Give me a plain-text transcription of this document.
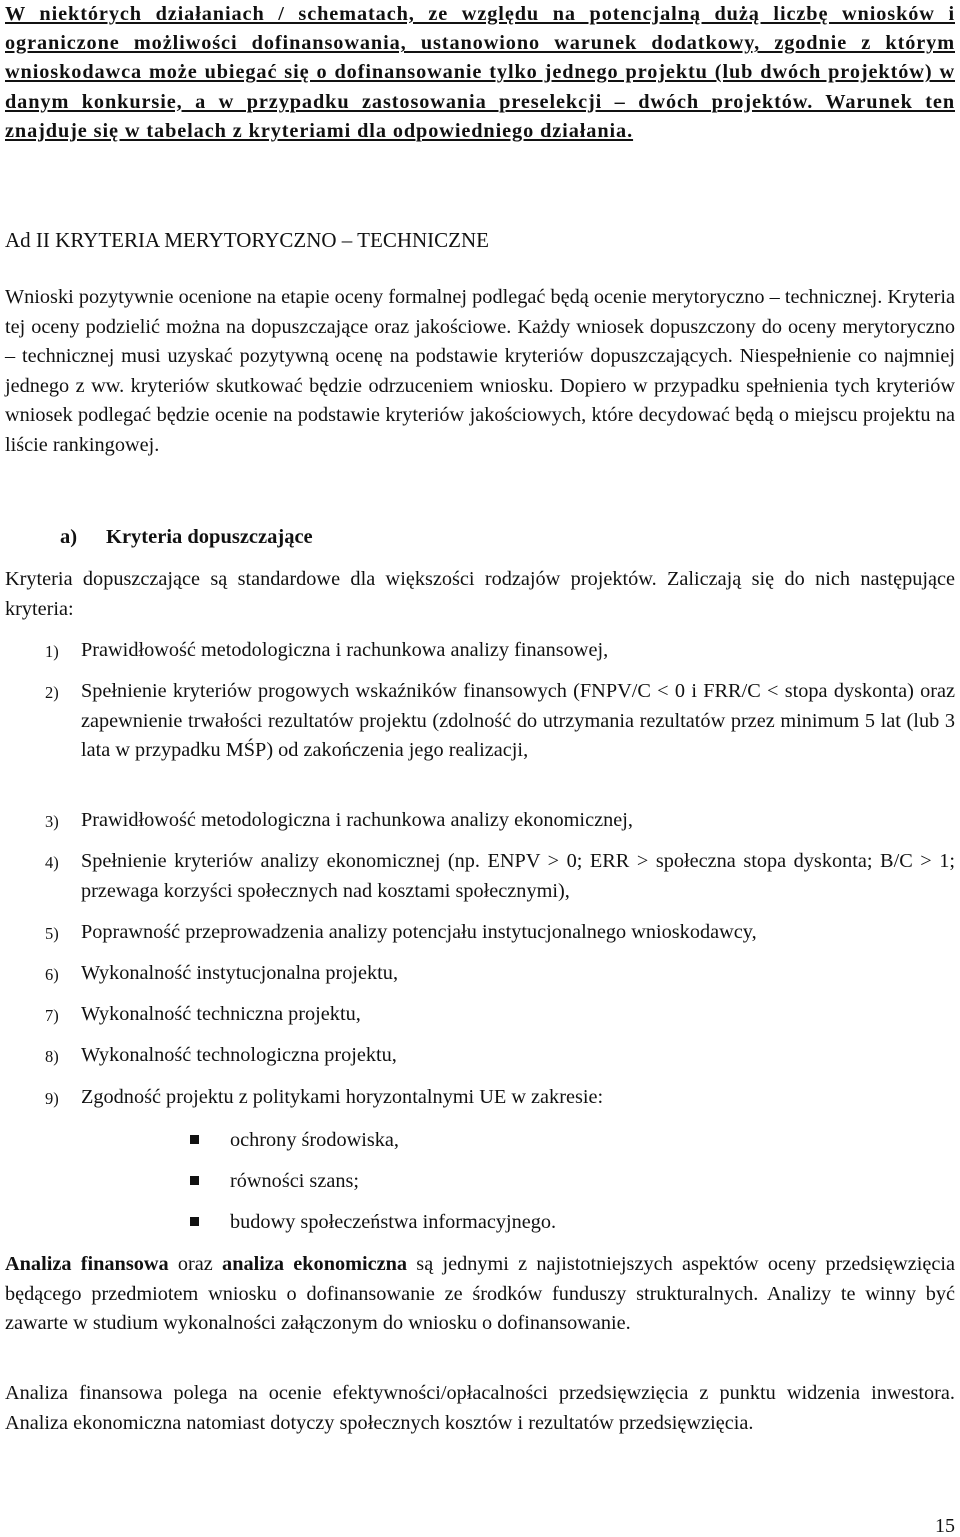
W niektórych działaniach / schematach, ze względu na potencjalną dużą liczbę wniosków i ograniczone możliwości dofinansowania, ustanowiono warunek dodatkowy, zgodnie z którym wnioskodawca może ubiegać się o dofinansowanie tylko jednego projektu (lub dwóch projektów) w danym konkursie, a w przypadku zastosowania preselekcji – dwóch projektów. Warunek ten znajduje się w tabelach z kryteriami dla odpowiedniego działania.

Ad II KRYTERIA MERYTORYCZNO – TECHNICZNE

Wnioski pozytywnie ocenione na etapie oceny formalnej podlegać będą ocenie merytoryczno – technicznej. Kryteria tej oceny podzielić można na dopuszczające oraz jakościowe. Każdy wniosek dopuszczony do oceny merytoryczno – technicznej musi uzyskać pozytywną ocenę na podstawie kryteriów dopuszczających. Niespełnienie co najmniej jednego z ww. kryteriów skutkować będzie odrzuceniem wniosku. Dopiero w przypadku spełnienia tych kryteriów wniosek podlegać będzie ocenie na podstawie kryteriów jakościowych, które decydować będą o miejscu projektu na liście rankingowej.

a) Kryteria dopuszczające

Kryteria dopuszczające są standardowe dla większości rodzajów projektów. Zaliczają się do nich następujące kryteria:

1) Prawidłowość metodologiczna i rachunkowa analizy finansowej,
2) Spełnienie kryteriów progowych wskaźników finansowych (FNPV/C < 0 i FRR/C < stopa dyskonta) oraz zapewnienie trwałości rezultatów projektu (zdolność do utrzymania rezultatów przez minimum 5 lat (lub 3 lata w przypadku MŚP) od zakończenia jego realizacji,
3) Prawidłowość metodologiczna i rachunkowa analizy ekonomicznej,
4) Spełnienie kryteriów analizy ekonomicznej (np. ENPV > 0; ERR > społeczna stopa dyskonta; B/C > 1; przewaga korzyści społecznych nad kosztami społecznymi),
5) Poprawność przeprowadzenia analizy potencjału instytucjonalnego wnioskodawcy,
6) Wykonalność instytucjonalna projektu,
7) Wykonalność techniczna projektu,
8) Wykonalność technologiczna projektu,
9) Zgodność projektu z politykami horyzontalnymi UE w zakresie:
ochrony środowiska,
równości szans;
budowy społeczeństwa informacyjnego.

Analiza finansowa oraz analiza ekonomiczna są jednymi z najistotniejszych aspektów oceny przedsięwzięcia będącego przedmiotem wniosku o dofinansowanie ze środków funduszy strukturalnych. Analizy te winny być zawarte w studium wykonalności załączonym do wniosku o dofinansowanie.

Analiza finansowa polega na ocenie efektywności/opłacalności przedsięwzięcia z punktu widzenia inwestora. Analiza ekonomiczna natomiast dotyczy społecznych kosztów i rezultatów przedsięwzięcia.

15
